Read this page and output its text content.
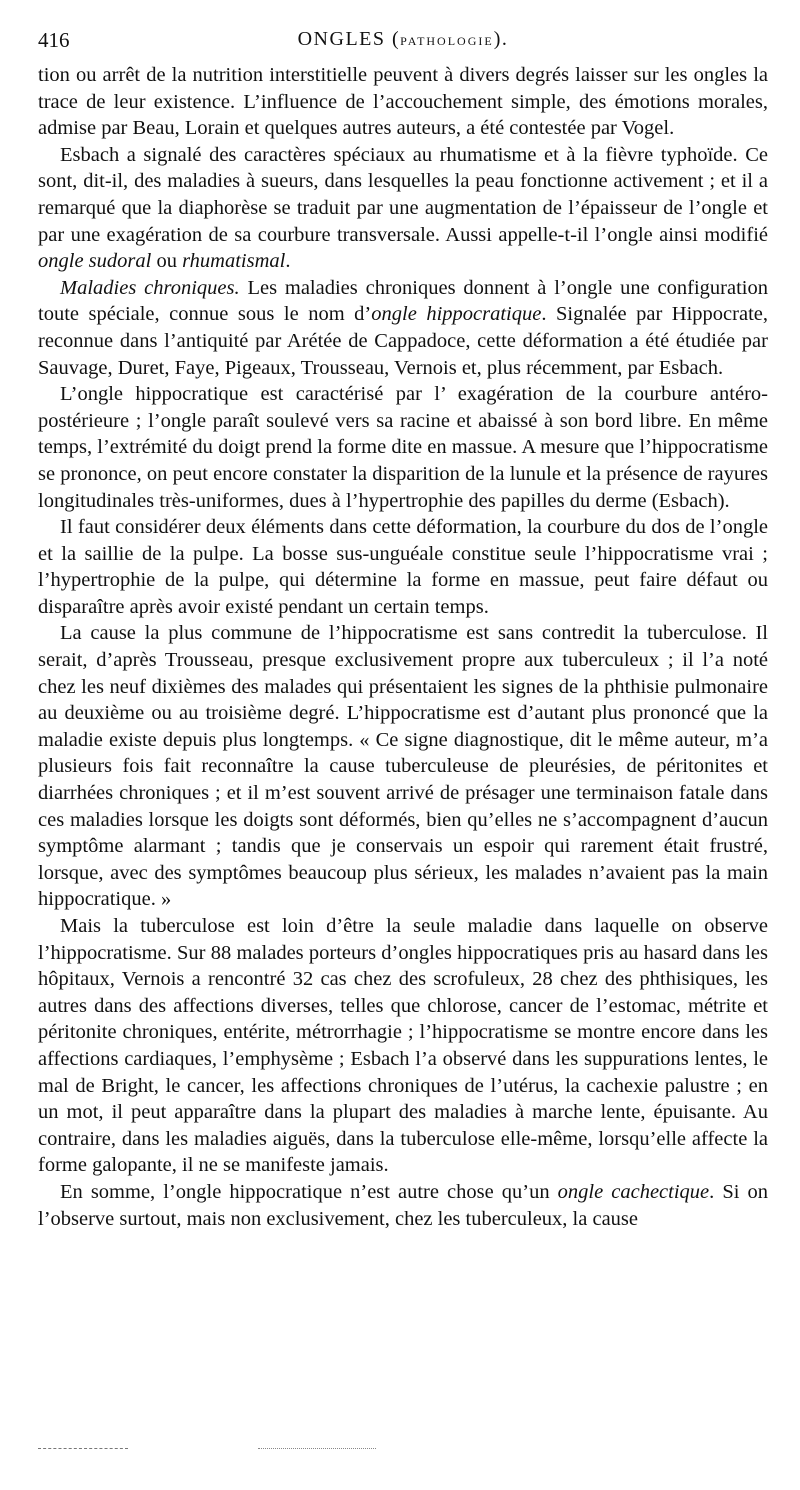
416	ONGLES (PATHOLOGIE).

tion ou arrêt de la nutrition interstitielle peuvent à divers degrés laisser sur les ongles la trace de leur existence. L’influence de l’accouchement simple, des émotions morales, admise par Beau, Lorain et quelques autres auteurs, a été contestée par Vogel.

Esbach a signalé des caractères spéciaux au rhumatisme et à la fièvre typhoïde. Ce sont, dit-il, des maladies à sueurs, dans lesquelles la peau fonctionne activement ; et il a remarqué que la diaphorèse se traduit par une augmentation de l’épaisseur de l’ongle et par une exagération de sa courbure transversale. Aussi appelle-t-il l’ongle ainsi modifié ongle sudoral ou rhumatismal.

Maladies chroniques. Les maladies chroniques donnent à l’ongle une configuration toute spéciale, connue sous le nom d’ongle hippocratique. Signalée par Hippocrate, reconnue dans l’antiquité par Arétée de Cappadoce, cette déformation a été étudiée par Sauvage, Duret, Faye, Pigeaux, Trousseau, Vernois et, plus récemment, par Esbach.

L’ongle hippocratique est caractérisé par l’ exagération de la courbure antéro-postérieure ; l’ongle paraît soulevé vers sa racine et abaissé à son bord libre. En même temps, l’extrémité du doigt prend la forme dite en massue. A mesure que l’hippocratisme se prononce, on peut encore constater la disparition de la lunule et la présence de rayures longitudinales très-uniformes, dues à l’hypertrophie des papilles du derme (Esbach).

Il faut considérer deux éléments dans cette déformation, la courbure du dos de l’ongle et la saillie de la pulpe. La bosse sus-unguéale constitue seule l’hippocratisme vrai ; l’hypertrophie de la pulpe, qui détermine la forme en massue, peut faire défaut ou disparaître après avoir existé pendant un certain temps.

La cause la plus commune de l’hippocratisme est sans contredit la tuberculose. Il serait, d’après Trousseau, presque exclusivement propre aux tuberculeux ; il l’a noté chez les neuf dixièmes des malades qui présentaient les signes de la phthisie pulmonaire au deuxième ou au troisième degré. L’hippocratisme est d’autant plus prononcé que la maladie existe depuis plus longtemps. « Ce signe diagnostique, dit le même auteur, m’a plusieurs fois fait reconnaître la cause tuberculeuse de pleurésies, de péritonites et diarrhées chroniques ; et il m’est souvent arrivé de présager une terminaison fatale dans ces maladies lorsque les doigts sont déformés, bien qu’elles ne s’accompagnent d’aucun symptôme alarmant ; tandis que je conservais un espoir qui rarement était frustré, lorsque, avec des symptômes beaucoup plus sérieux, les malades n’avaient pas la main hippocratique. »

Mais la tuberculose est loin d’être la seule maladie dans laquelle on observe l’hippocratisme. Sur 88 malades porteurs d’ongles hippocratiques pris au hasard dans les hôpitaux, Vernois a rencontré 32 cas chez des scrofuleux, 28 chez des phthisiques, les autres dans des affections diverses, telles que chlorose, cancer de l’estomac, métrite et péritonite chroniques, entérite, métrorrhagie ; l’hippocratisme se montre encore dans les affections cardiaques, l’emphysème ; Esbach l’a observé dans les suppurations lentes, le mal de Bright, le cancer, les affections chroniques de l’utérus, la cachexie palustre ; en un mot, il peut apparaître dans la plupart des maladies à marche lente, épuisante. Au contraire, dans les maladies aiguës, dans la tuberculose elle-même, lorsqu’elle affecte la forme galopante, il ne se manifeste jamais.

En somme, l’ongle hippocratique n’est autre chose qu’un ongle cachectique. Si on l’observe surtout, mais non exclusivement, chez les tuberculeux, la cause
